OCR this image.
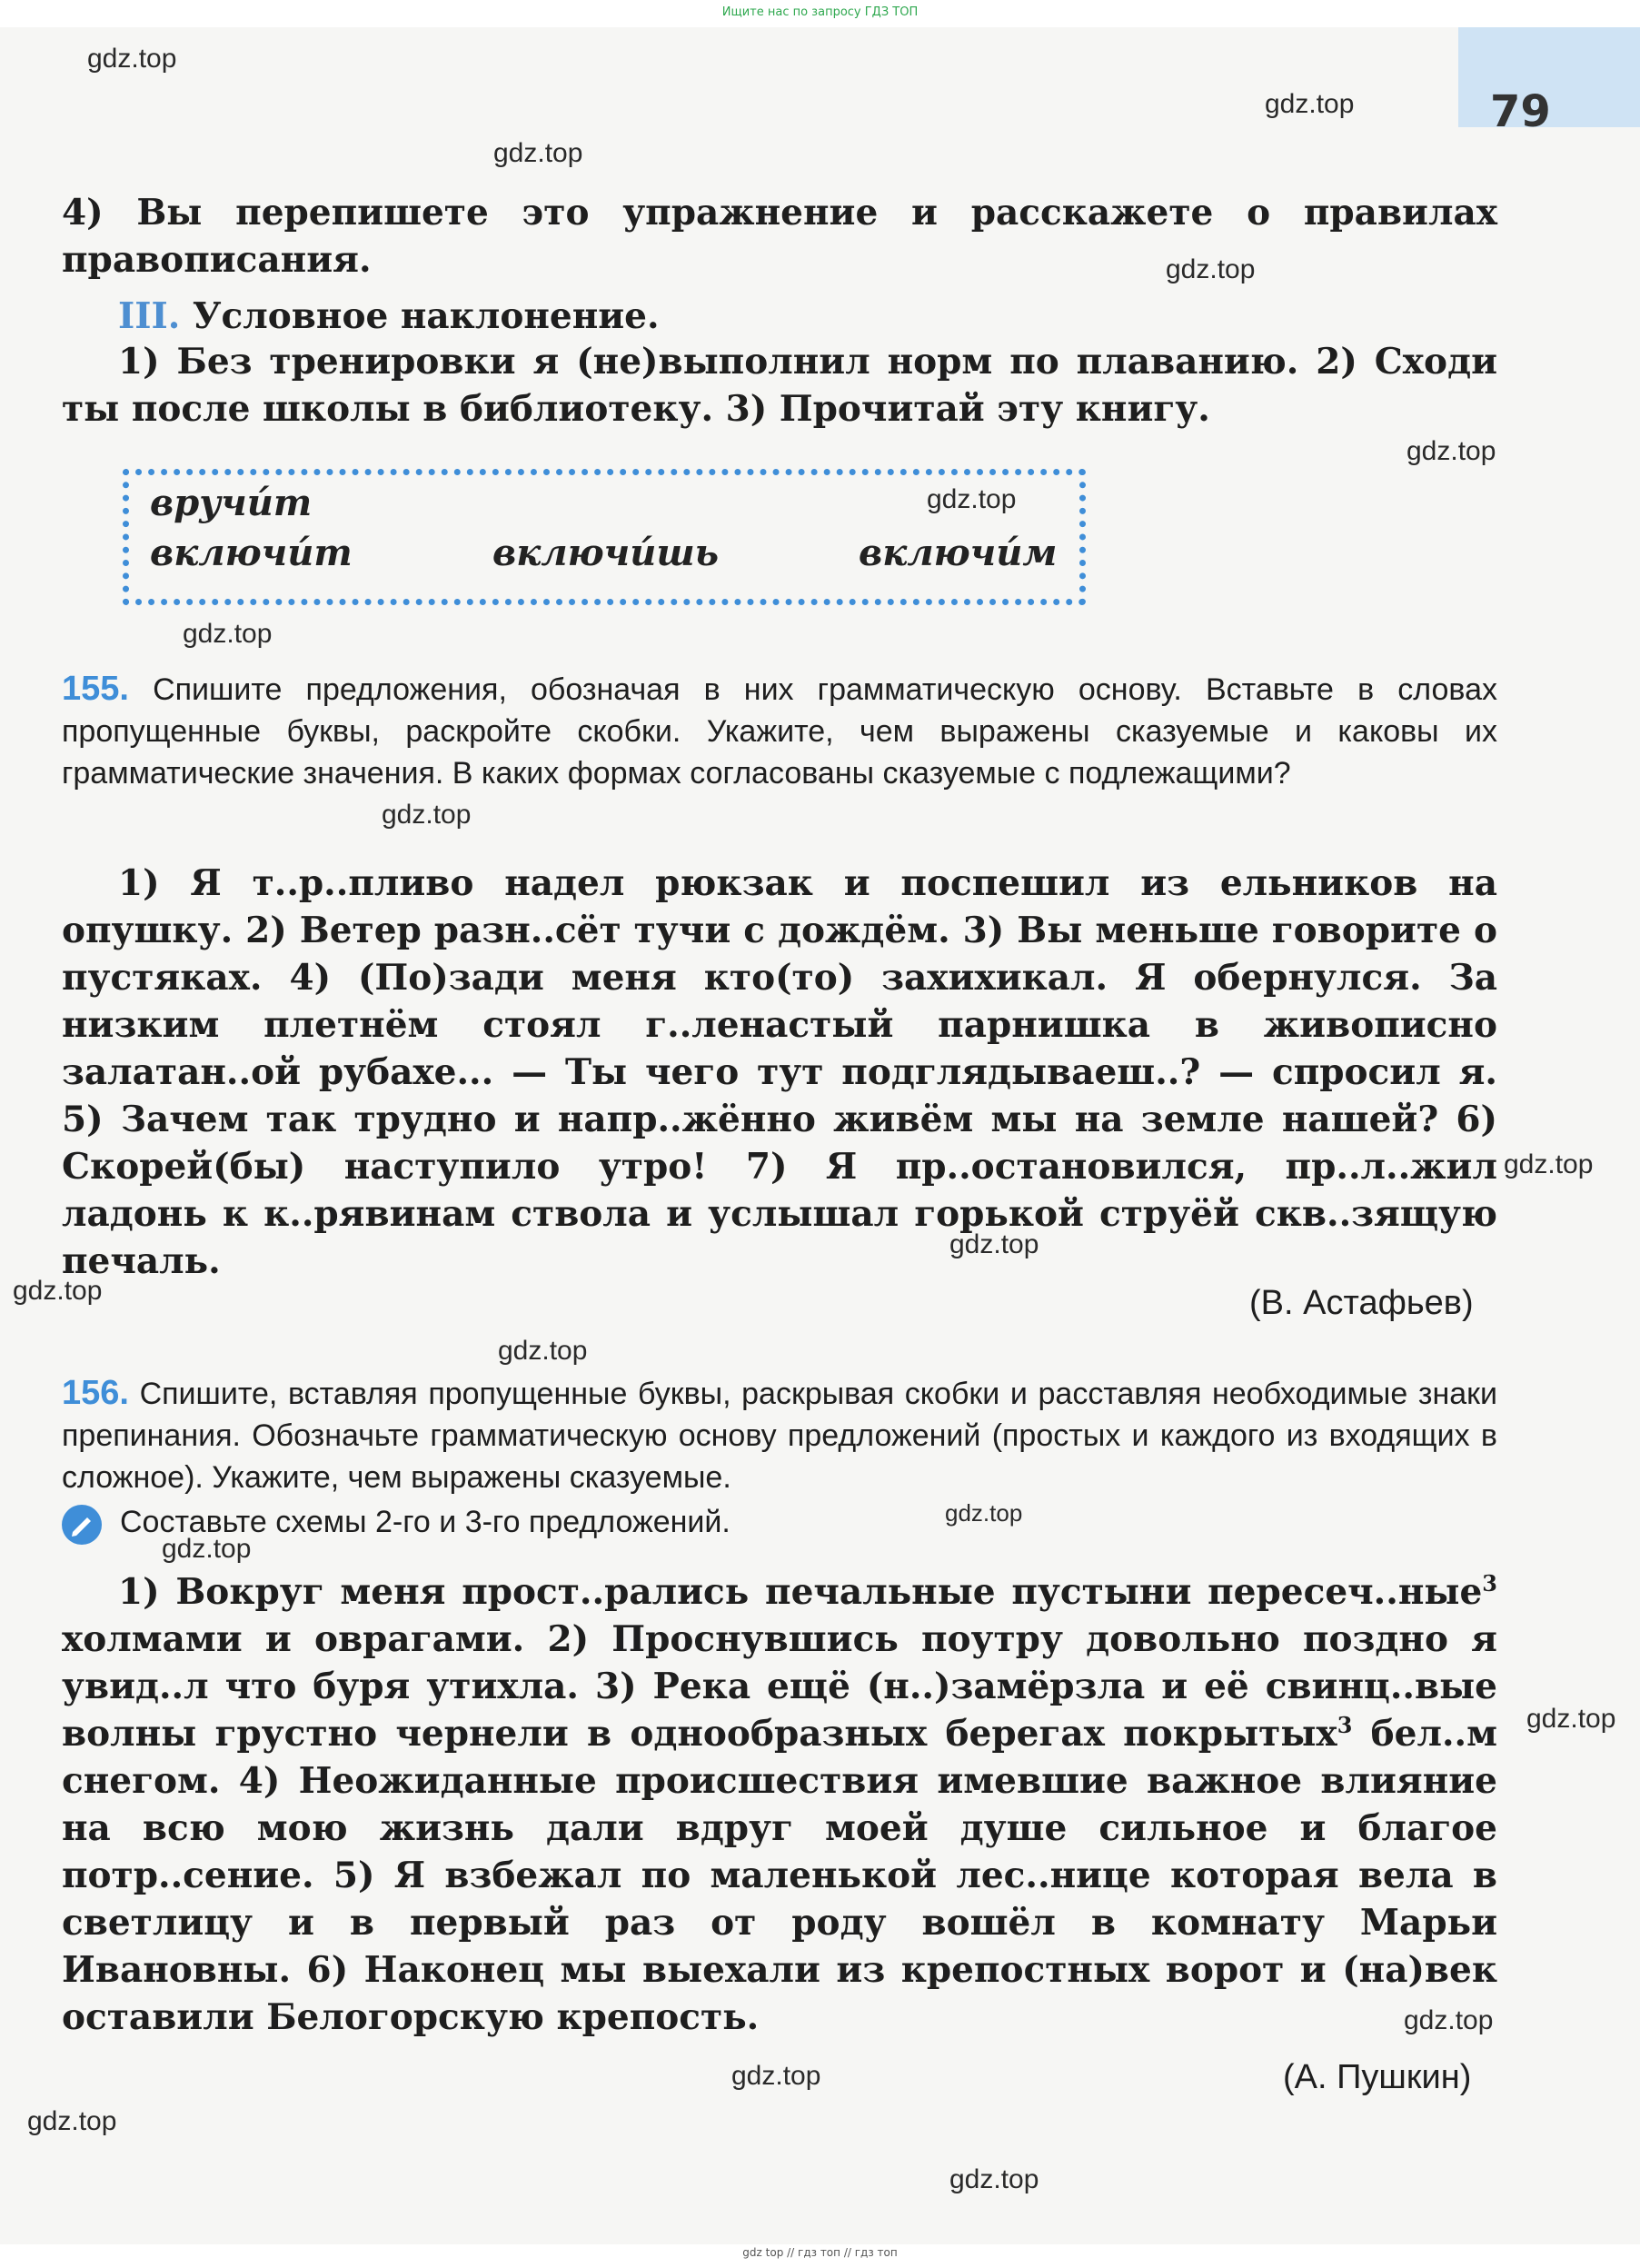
Ищите нас по запросу ГДЗ ТОП
79
gdz.top
gdz.top
gdz.top
gdz.top
gdz.top
gdz.top
gdz.top
gdz.top
gdz.top
gdz.top
gdz.top
gdz.top
gdz.top
gdz.top
gdz.top
gdz.top
gdz.top
gdz.top
gdz.top
4) Вы перепишете это упражнение и расскажете о правилах правописания.
III. Условное наклонение.
1) Без тренировки я (не)выполнил норм по плаванию. 2) Сходи ты после школы в библиотеку. 3) Прочитай эту книгу.
вручи́т
включи́т	включи́шь	включи́м
155. Спишите предложения, обозначая в них грамматическую основу. Вставьте в словах пропущенные буквы, раскройте скобки. Укажите, чем выражены сказуемые и каковы их грамматические значения. В каких формах согласованы сказуемые с подлежащими?
1) Я т..р..пливо надел рюкзак и поспешил из ельников на опушку. 2) Ветер разн..сёт тучи с дождём. 3) Вы меньше говорите о пустяках. 4) (По)зади меня кто(то) захихикал. Я обернулся. За низким плетнём стоял г..ленастый парнишка в живописно залатан..ой рубахе... — Ты чего тут подглядываеш..? — спросил я. 5) Зачем так трудно и напр..жённо живём мы на земле нашей? 6) Скорей(бы) наступило утро! 7) Я пр..остановился, пр..л..жил ладонь к к..рявинам ствола и услышал горькой струёй скв..зящую печаль.
(В. Астафьев)
156. Спишите, вставляя пропущенные буквы, раскрывая скобки и расставляя необходимые знаки препинания. Обозначьте грамматическую основу предложений (простых и каждого из входящих в сложное). Укажите, чем выражены сказуемые.
Составьте схемы 2-го и 3-го предложений.
1) Вокруг меня прост..рались печальные пустыни пересеч..ные$^3$ холмами и оврагами. 2) Проснувшись поутру довольно поздно я увид..л что буря утихла. 3) Река ещё (н..)замёрзла и её свинц..вые волны грустно чернели в однообразных берегах покрытых$^3$ бел..м снегом. 4) Неожиданные происшествия имевшие важное влияние на всю мою жизнь дали вдруг моей душе сильное и благое потр..сение. 5) Я взбежал по маленькой лес..нице которая вела в светлицу и в первый раз от роду вошёл в комнату Марьи Ивановны. 6) Наконец мы выехали из крепостных ворот и (на)век оставили Белогорскую крепость.
(А. Пушкин)
gdz top // гдз топ // гдз топ
